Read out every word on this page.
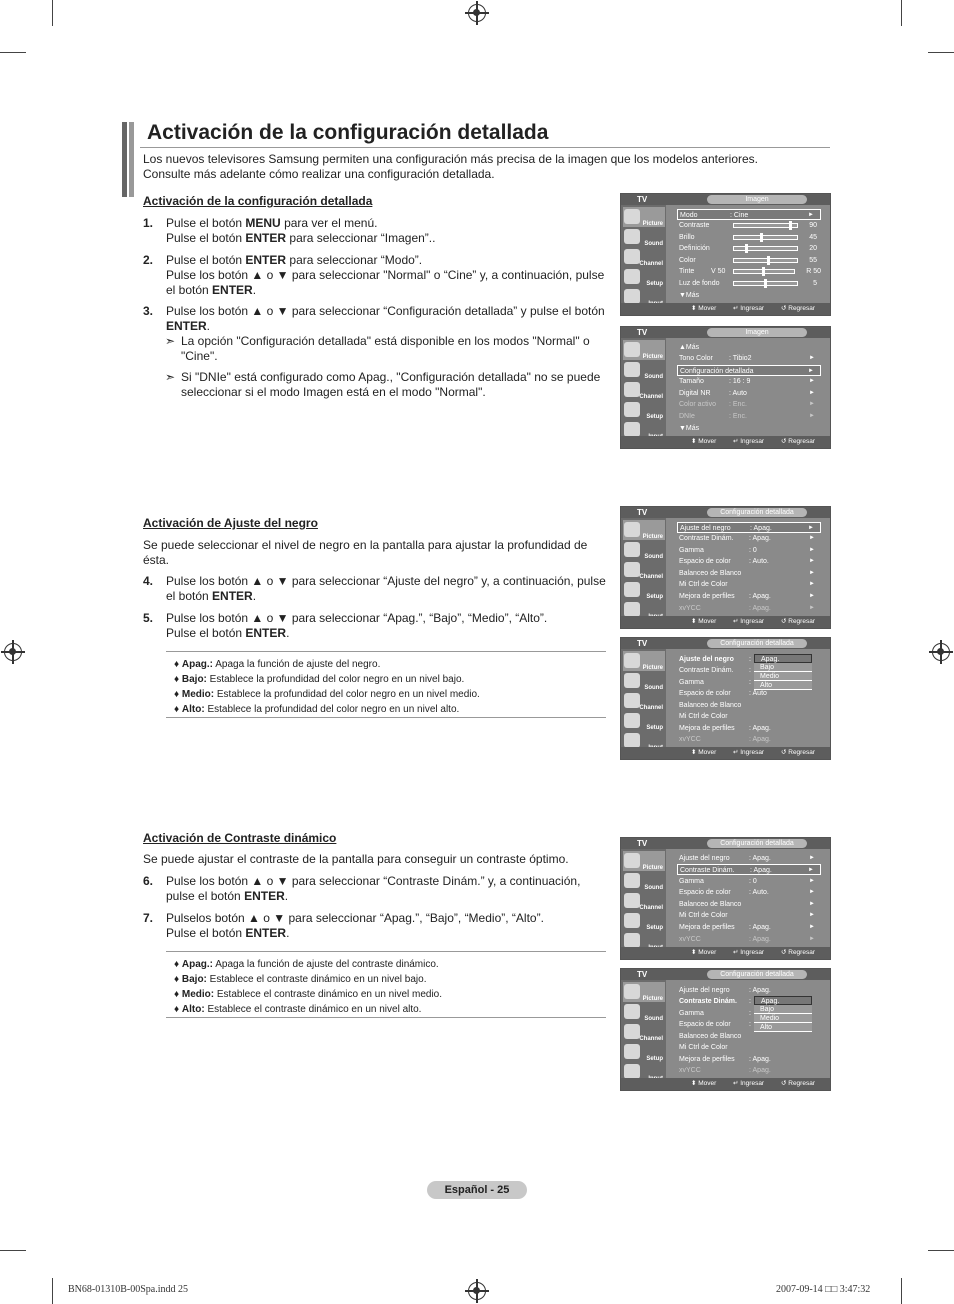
Activación de la configuración detallada
Los nuevos televisores Samsung permiten una configuración más precisa de la imagen que los modelos anteriores. Consulte más adelante cómo realizar una configuración detallada.
Activación de la configuración detallada
1. Pulse el botón MENU para ver el menú.
Pulse el botón ENTER para seleccionar “Imagen”..
2. Pulse el botón ENTER para seleccionar “Modo”.
Pulse los botón ▲ o ▼ para seleccionar "Normal" o “Cine” y, a continuación, pulse el botón ENTER.
3. Pulse los botón ▲ o ▼ para seleccionar “Configuración detallada” y pulse el botón ENTER.
➣ La opción "Configuración detallada" está disponible en los modos "Normal" o "Cine".
➣ Si "DNIe" está configurado como Apag., "Configuración detallada" no se puede seleccionar si el modo Imagen está en el modo "Normal".
Activación de Ajuste del negro
Se puede seleccionar el nivel de negro en la pantalla para ajustar la profundidad de ésta.
4. Pulse los botón ▲ o ▼ para seleccionar “Ajuste del negro” y, a continuación, pulse el botón ENTER.
5. Pulse los botón ▲ o ▼ para seleccionar “Apag.”, “Bajo”, “Medio”, “Alto”.
Pulse el botón ENTER.
♦ Apag.: Apaga la función de ajuste del negro.
♦ Bajo: Establece la profundidad del color negro en un nivel bajo.
♦ Medio: Establece la profundidad del color negro en un nivel medio.
♦ Alto: Establece la profundidad del color negro en un nivel alto.
Activación de Contraste dinámico
Se puede ajustar el contraste de la pantalla para conseguir un contraste óptimo.
6. Pulse los botón ▲ o ▼ para seleccionar “Contraste Dinám.” y, a continuación, pulse el botón ENTER.
7. Pulselos botón ▲ o ▼ para seleccionar “Apag.”, “Bajo”, “Medio”, “Alto”.
Pulse el botón ENTER.
♦ Apag.: Apaga la función de ajuste del contraste dinámico.
♦ Bajo: Establece el contraste dinámico en un nivel bajo.
♦ Medio: Establece el contraste dinámico en un nivel medio.
♦ Alto: Establece el contraste dinámico en un nivel alto.
TV	Imagen
Picture
Sound
Channel
Setup
Modo	: Cine	►
Contraste	90
Brillo	45
Definición	20
Color	55
Tinte V 50	R 50
Luz de fondo	5
▼Más
⬍ Mover	↵ Ingresar	↺ Regresar
TV	Imagen
Picture
Sound
Channel
Setup
▲Más
Tono Color : Tibio2	►
Configuración detallada	►
Tamaño	: 16 : 9	►
Digital NR	: Auto	►
Color activo : Enc.	►
DNIe	: Enc.	►
▼Más
⬍ Mover	↵ Ingresar	↺ Regresar
TV	Configuración detallada
Picture
Sound
Channel
Setup
Ajuste del negro	: Apag.	►
Contraste Dinám. : Apag.	►
Gamma	: 0	►
Espacio de color	: Auto.	►
Balanceo de Blanco	►
Mi Ctrl de Color	►
Mejora de perfiles : Apag.	►
xvYCC	: Apag.	►
⬍ Mover	↵ Ingresar	↺ Regresar
TV	Configuración detallada
Picture
Sound
Channel
Setup
Ajuste del negro :
Contraste Dinám. :
Gamma	:
Espacio de color	: Auto
Balanceo de Blanco
Mi Ctrl de Color
Mejora de perfiles : Apag.
xvYCC	: Apag.
Apag.
Bajo
Medio
Alto
⬍ Mover	↵ Ingresar	↺ Regresar
TV	Configuración detallada
Picture
Sound
Channel
Setup
Ajuste del negro	: Apag.	►
Contraste Dinám. : Apag.	►
Gamma	: 0	►
Espacio de color	: Auto.	►
Balanceo de Blanco	►
Mi Ctrl de Color	►
Mejora de perfiles : Apag.	►
xvYCC	: Apag.	►
⬍ Mover	↵ Ingresar	↺ Regresar
TV	Configuración detallada
Picture
Sound
Channel
Setup
Ajuste del negro	: Apag.
Contraste Dinám. :
Gamma	:
Espacio de color	:
Balanceo de Blanco
Mi Ctrl de Color
Mejora de perfiles : Apag.
xvYCC	: Apag.
Apag.
Bajo
Medio
Alto
⬍ Mover	↵ Ingresar	↺ Regresar
Español - 25
BN68-01310B-00Spa.indd 25	2007-09-14 □□ 3:47:32
